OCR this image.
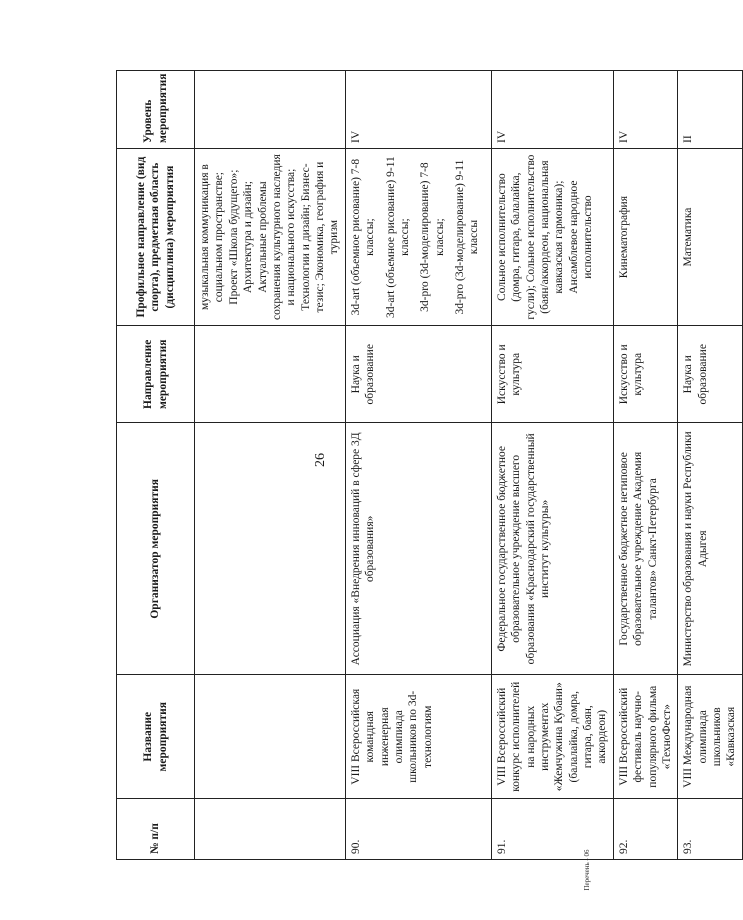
26
Перечень - 06
№ п/п	Название мероприятия	Организатор мероприятия	Направление мероприятия	Профильное направление (вид спорта), предметная область (дисциплина) мероприятия	Уровень мероприятия
				музыкальная коммуникация в социальном пространстве; Проект «Школа будущего»; Архитектура и дизайн; Актуальные проблемы сохранения культурного наследия и национального искусства; Технологии и дизайн; Бизнес-тезис; Экономика, география и туризм	
90.	VIII Всероссийская командная инженерная олимпиада школьников по 3d-технологиям	Ассоциация «Внедрения инноваций в сфере 3Д образования»	Наука и образование	3d-art (объемное рисование) 7-8 классы; 3d-art (объемное рисование) 9-11 классы; 3d-pro (3d-моделирование) 7-8 классы; 3d-pro (3d-моделирование) 9-11 классы	IV
91.	VIII Всероссийский конкурс исполнителей на народных инструментах «Жемчужина Кубани» (балалайка, домра, гитара, баян, аккордеон)	Федеральное государственное бюджетное образовательное учреждение высшего образования «Краснодарский государственный институт культуры»	Искусство и культура	Сольное исполнительство (домра, гитара, балалайка, гусли); Сольное исполнительство (баян/аккордеон, национальная кавказская гармоника); Ансамблевое народное исполнительство	IV
92.	VIII Всероссийский фестиваль научно-популярного фильма «ТехноФест»	Государственное бюджетное нетиповое образовательное учреждение Академия талантов» Санкт-Петербурга	Искусство и культура	Кинематография	IV
93.	VIII Международная олимпиада школьников «Кавказская	Министерство образования и науки Республики Адыгея	Наука и образование	Математика	II
